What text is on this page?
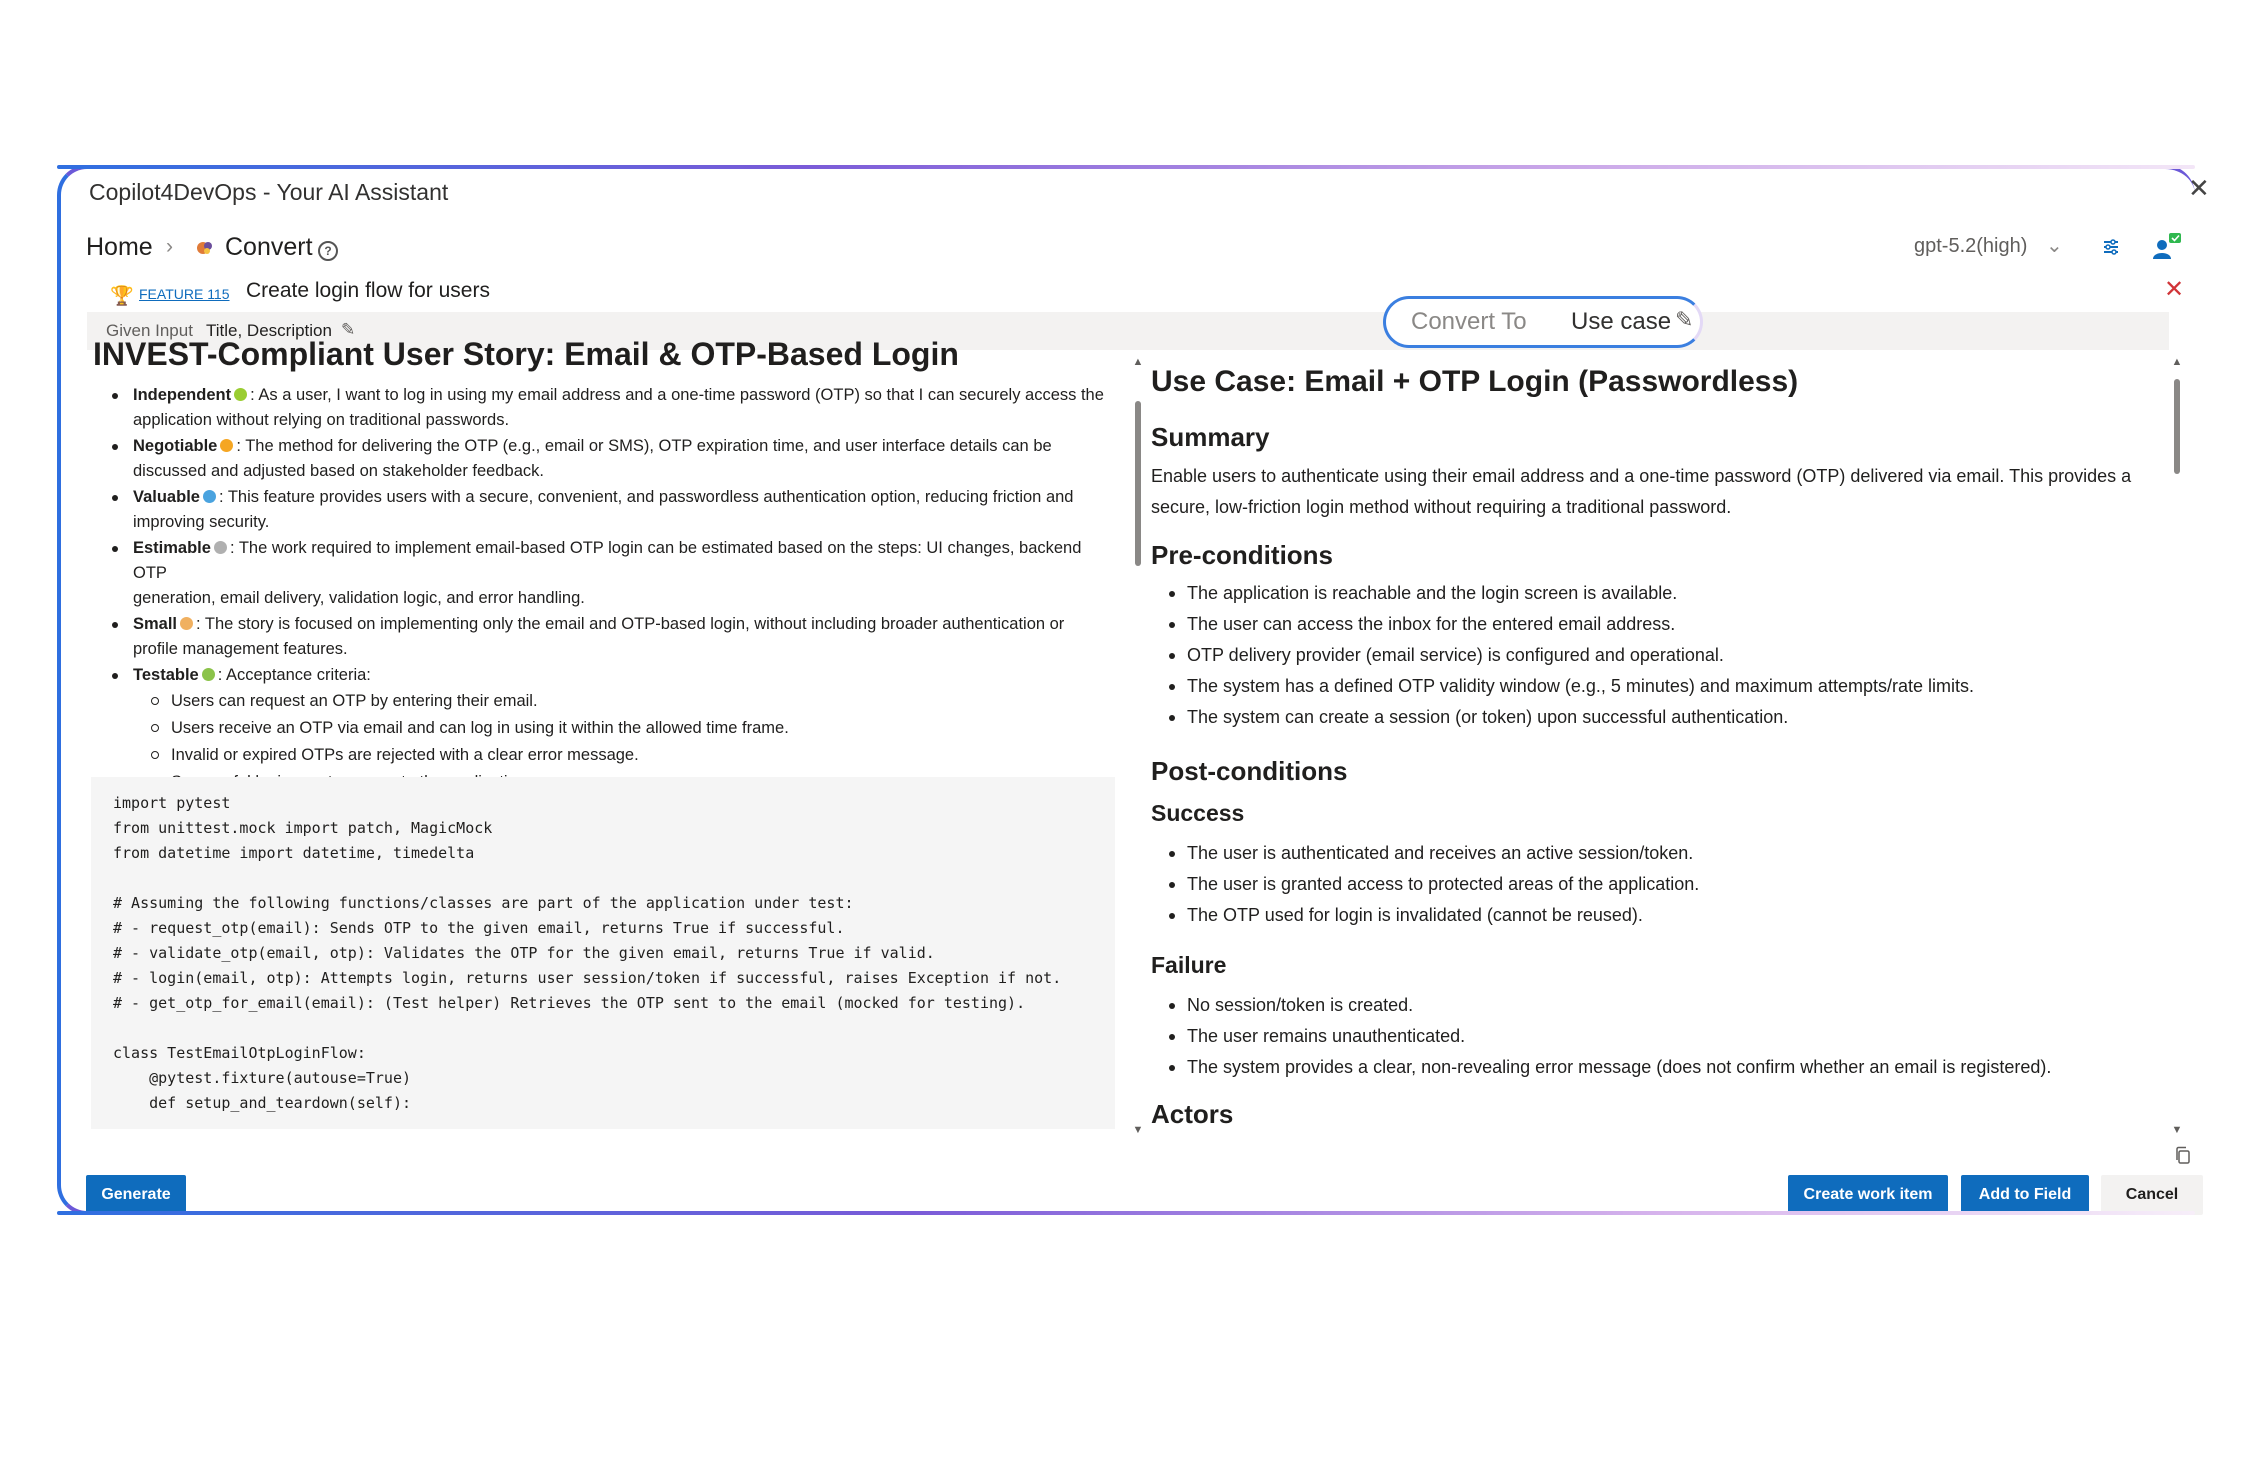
Copilot4DevOps - Your AI Assistant	✕
Home › Convert ?	gpt-5.2(high) ⌄
🏆 FEATURE 115 Create login flow for users	✕
Given Input Title, Description ✎	Convert To Use case ✎
INVEST-Compliant User Story: Email & OTP-Based Login
Independent : As a user, I want to log in using my email address and a one-time password (OTP) so that I can securely access the
application without relying on traditional passwords.
Negotiable : The method for delivering the OTP (e.g., email or SMS), OTP expiration time, and user interface details can be
discussed and adjusted based on stakeholder feedback.
Valuable : This feature provides users with a secure, convenient, and passwordless authentication option, reducing friction and
improving security.
Estimable : The work required to implement email-based OTP login can be estimated based on the steps: UI changes, backend OTP
generation, email delivery, validation logic, and error handling.
Small : The story is focused on implementing only the email and OTP-based login, without including broader authentication or
profile management features.
Testable : Acceptance criteria:
Users can request an OTP by entering their email.
Users receive an OTP via email and can log in using it within the allowed time frame.
Invalid or expired OTPs are rejected with a clear error message.
import pytest
from unittest.mock import patch, MagicMock
from datetime import datetime, timedelta
# Assuming the following functions/classes are part of the application under test:
# - request_otp(email): Sends OTP to the given email, returns True if successful.
# - validate_otp(email, otp): Validates the OTP for the given email, returns True if valid.
# - login(email, otp): Attempts login, returns user session/token if successful, raises Exception if not.
# - get_otp_for_email(email): (Test helper) Retrieves the OTP sent to the email (mocked for testing).
class TestEmailOtpLoginFlow:
@pytest.fixture(autouse=True)
def setup_and_teardown(self):
▲
▼
Use Case: Email + OTP Login (Passwordless)
Summary
Enable users to authenticate using their email address and a one-time password (OTP) delivered via email. This provides a secure, low-friction login method without requiring a traditional password.
Pre-conditions
The application is reachable and the login screen is available.
The user can access the inbox for the entered email address.
OTP delivery provider (email service) is configured and operational.
The system has a defined OTP validity window (e.g., 5 minutes) and maximum attempts/rate limits.
The system can create a session (or token) upon successful authentication.
Post-conditions
Success
The user is authenticated and receives an active session/token.
The user is granted access to protected areas of the application.
The OTP used for login is invalidated (cannot be reused).
Failure
No session/token is created.
The user remains unauthenticated.
The system provides a clear, non-revealing error message (does not confirm whether an email is registered).
Actors
▲
▼
Generate	Create work item	Add to Field	Cancel
